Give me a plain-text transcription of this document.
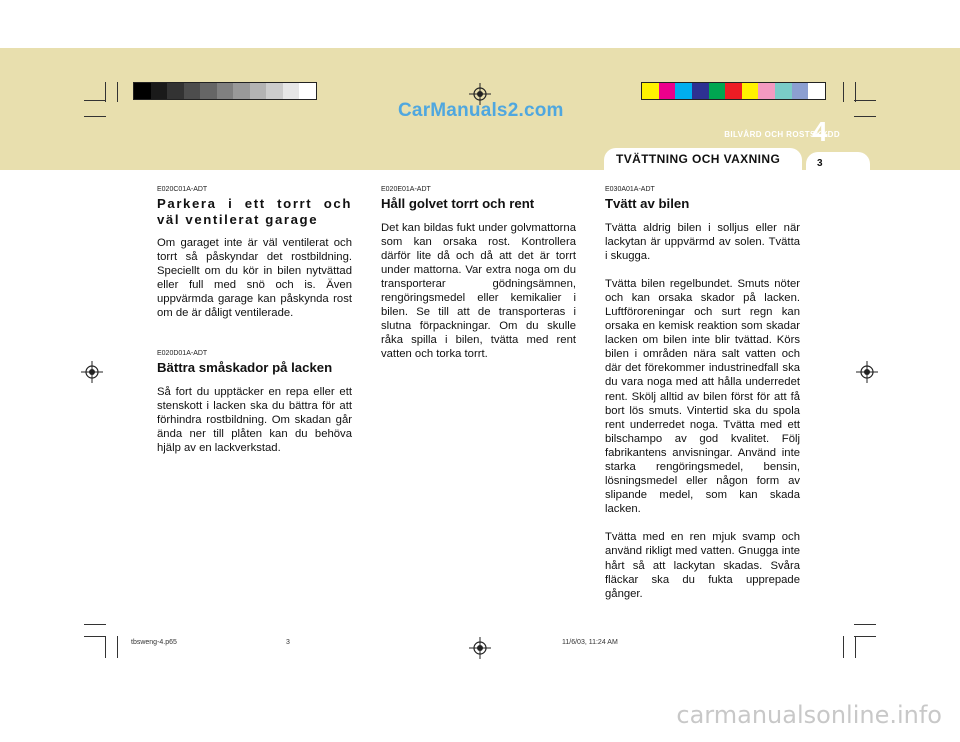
CarManuals2.com
BILVÅRD OCH ROSTSKYDD
4
TVÄTTNING OCH VAXNING	3
E020C01A-ADT
Parkera i ett torrt och väl ventilerat garage
Om garaget inte är väl ventilerat och torrt så påskyndar det rostbildning. Speciellt om du kör in bilen nytvättad eller full med snö och is. Även uppvärmda garage kan påskynda rost om de är dåligt ventilerade.
E020D01A-ADT
Bättra småskador på lacken
Så fort du upptäcker en repa eller ett stenskott i lacken ska du bättra för att förhindra rostbildning. Om skadan går ända ner till plåten kan du behöva hjälp av en lackverkstad.
E020E01A-ADT
Håll golvet torrt och rent
Det kan bildas fukt under golvmattorna som kan orsaka rost. Kontrollera därför lite då och då att det är torrt under mattorna. Var extra noga om du transporterar gödningsämnen, rengöringsmedel eller kemikalier i bilen. Se till att de transporteras i slutna förpackningar. Om du skulle råka spilla i bilen, tvätta med rent vatten och torka torrt.
E030A01A-ADT
Tvätt av bilen
Tvätta aldrig bilen i solljus eller när lackytan är uppvärmd av solen. Tvätta i skugga.
Tvätta bilen regelbundet. Smuts nöter och kan orsaka skador på lacken. Luftföroreningar och surt regn kan orsaka en kemisk reaktion som skadar lacken om bilen inte blir tvättad. Körs bilen i områden nära salt vatten och där det förekommer industrinedfall ska du vara noga med att hålla underredet rent. Skölj alltid av bilen först för att få bort lös smuts. Vintertid ska du spola rent underredet noga. Tvätta med ett bilschampo av god kvalitet. Följ fabrikantens anvisningar. Använd inte starka rengöringsmedel, bensin, lösningsmedel eller någon form av slipande medel, som kan skada lacken.
Tvätta med en ren mjuk svamp och använd rikligt med vatten. Gnugga inte hårt så att lackytan skadas. Svåra fläckar ska du fukta upprepade gånger.
tbsweng-4.p65	3	11/6/03, 11:24 AM
carmanualsonline.info
